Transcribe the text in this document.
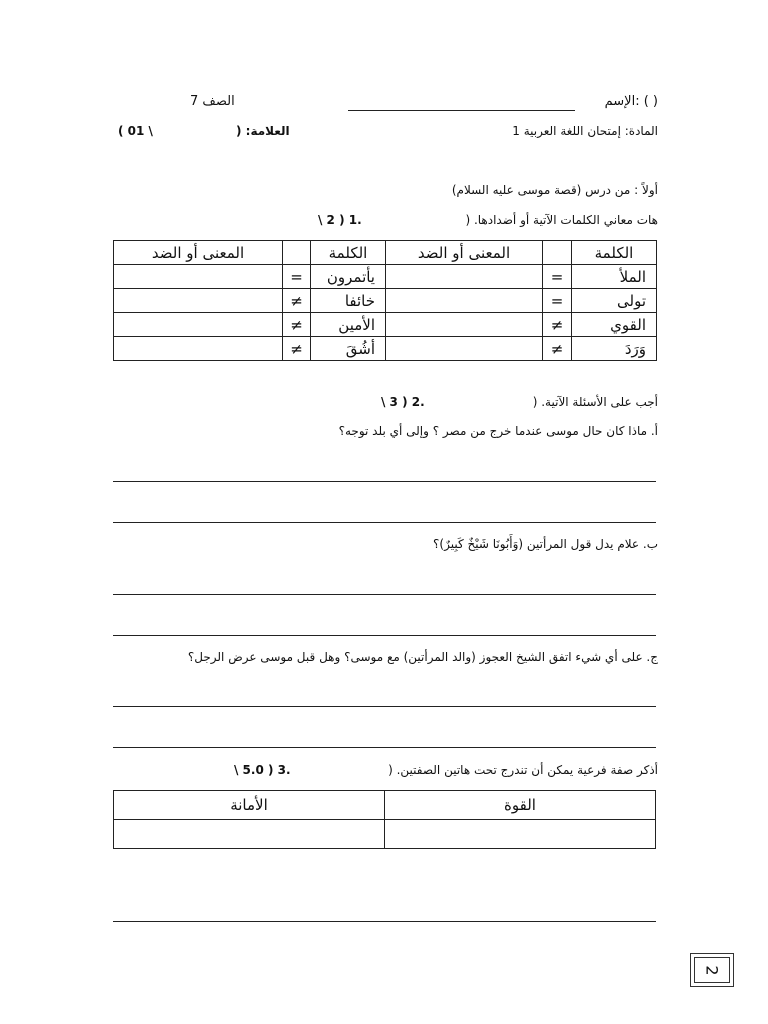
( ) :الإسم
الصف 7
المادة: إمتحان اللغة العربية 1
العلامة: (
\ 10 )
أولاً : من درس (قصة موسى عليه السلام)
هات معاني الكلمات الآتية أو أضدادها. (
.1 ( 2 \
الكلمة		المعنى أو الضد	الكلمة		المعنى أو الضد
الملأ	=		يأتمرون	=	
تولى	=		خائفا	≠	
القوي	≠		الأمين	≠	
وَرَدَ	≠		أشُقَ	≠	
أجب على الأسئلة الآتية. (
.2 ( 3 \
أ. ماذا كان حال موسى عندما خرج من مصر ؟ وإلى أي بلد توجه؟
ب. علام يدل قول المرأتين (وَأَبُونَا شَيْخٌ كَبِيرٌ)؟
ج. على أي شيء اتفق الشيخ العجوز (والد المرأتين) مع موسى؟ وهل قبل موسى عرض الرجل؟
أذكر صفة فرعية يمكن أن تندرج تحت هاتين الصفتين. (
.3 ( 0.5 \
القوة	الأمانة

2
